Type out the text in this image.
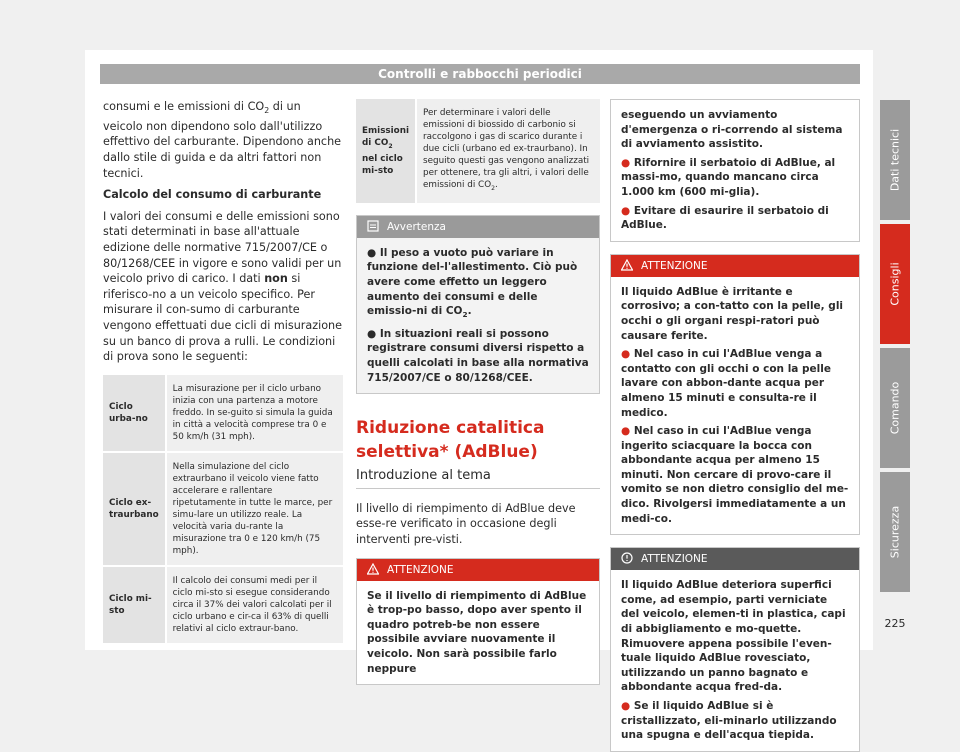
Controlli e rabbocchi periodici

consumi e le emissioni di $CO_2$ di un veicolo non dipendono solo dall'utilizzo effettivo del carburante. Dipendono anche dallo stile di guida e da altri fattori non tecnici.

Calcolo del consumo di carburante

I valori dei consumi e delle emissioni sono stati determinati in base all'attuale edizione delle normative 715/2007/CE o 80/1268/CEE in vigore e sono validi per un veicolo privo di carico. I dati non si riferisco-no a un veicolo specifico. Per misurare il con-sumo di carburante vengono effettuati due cicli di misurazione su un banco di prova a rulli. Le condizioni di prova sono le seguenti:

Ciclo urba-no	La misurazione per il ciclo urbano inizia con una partenza a motore freddo. In se-guito si simula la guida in città a velocità comprese tra 0 e 50 km/h (31 mph).
Ciclo ex-traurbano	Nella simulazione del ciclo extraurbano il veicolo viene fatto accelerare e rallentare ripetutamente in tutte le marce, per simu-lare un utilizzo reale. La velocità varia du-rante la misurazione tra 0 e 120 km/h (75 mph).
Ciclo mi-sto	Il calcolo dei consumi medi per il ciclo mi-sto si esegue considerando circa il 37% dei valori calcolati per il ciclo urbano e cir-ca il 63% di quelli relativi al ciclo extraur-bano.
Emissioni di $CO_2$ nel ciclo mi-sto	Per determinare i valori delle emissioni di biossido di carbonio si raccolgono i gas di scarico durante i due cicli (urbano ed ex-traurbano). In seguito questi gas vengono analizzati per ottenere, tra gli altri, i valori delle emissioni di $CO_2$.
Avvertenza
● Il peso a vuoto può variare in funzione del-l'allestimento. Ciò può avere come effetto un leggero aumento dei consumi e delle emissio-ni di $CO_2$.
● In situazioni reali si possono registrare consumi diversi rispetto a quelli calcolati in base alla normativa 715/2007/CE o 80/1268/CEE.
Riduzione catalitica selettiva* (AdBlue)
Introduzione al tema

Il livello di riempimento di AdBlue deve esse-re verificato in occasione degli interventi pre-visti.

ATTENZIONE
Se il livello di riempimento di AdBlue è trop-po basso, dopo aver spento il quadro potreb-be non essere possibile avviare nuovamente il veicolo. Non sarà possibile farlo neppure
eseguendo un avviamento d'emergenza o ri-correndo al sistema di avviamento assistito.
● Rifornire il serbatoio di AdBlue, al massi-mo, quando mancano circa 1.000 km (600 mi-glia).
● Evitare di esaurire il serbatoio di AdBlue.
ATTENZIONE
Il liquido AdBlue è irritante e corrosivo; a con-tatto con la pelle, gli occhi o gli organi respi-ratori può causare ferite.
● Nel caso in cui l'AdBlue venga a contatto con gli occhi o con la pelle lavare con abbon-dante acqua per almeno 15 minuti e consulta-re il medico.
● Nel caso in cui l'AdBlue venga ingerito sciacquare la bocca con abbondante acqua per almeno 15 minuti. Non cercare di provo-care il vomito se non dietro consiglio del me-dico. Rivolgersi immediatamente a un medi-co.
ATTENZIONE
Il liquido AdBlue deteriora superfici come, ad esempio, parti verniciate del veicolo, elemen-ti in plastica, capi di abbigliamento e mo-quette. Rimuovere appena possibile l'even-tuale liquido AdBlue rovesciato, utilizzando un panno bagnato e abbondante acqua fred-da.
● Se il liquido AdBlue si è cristallizzato, eli-minarlo utilizzando una spugna e dell'acqua tiepida.
Dati tecnici
Consigli
Comando
Sicurezza
225
